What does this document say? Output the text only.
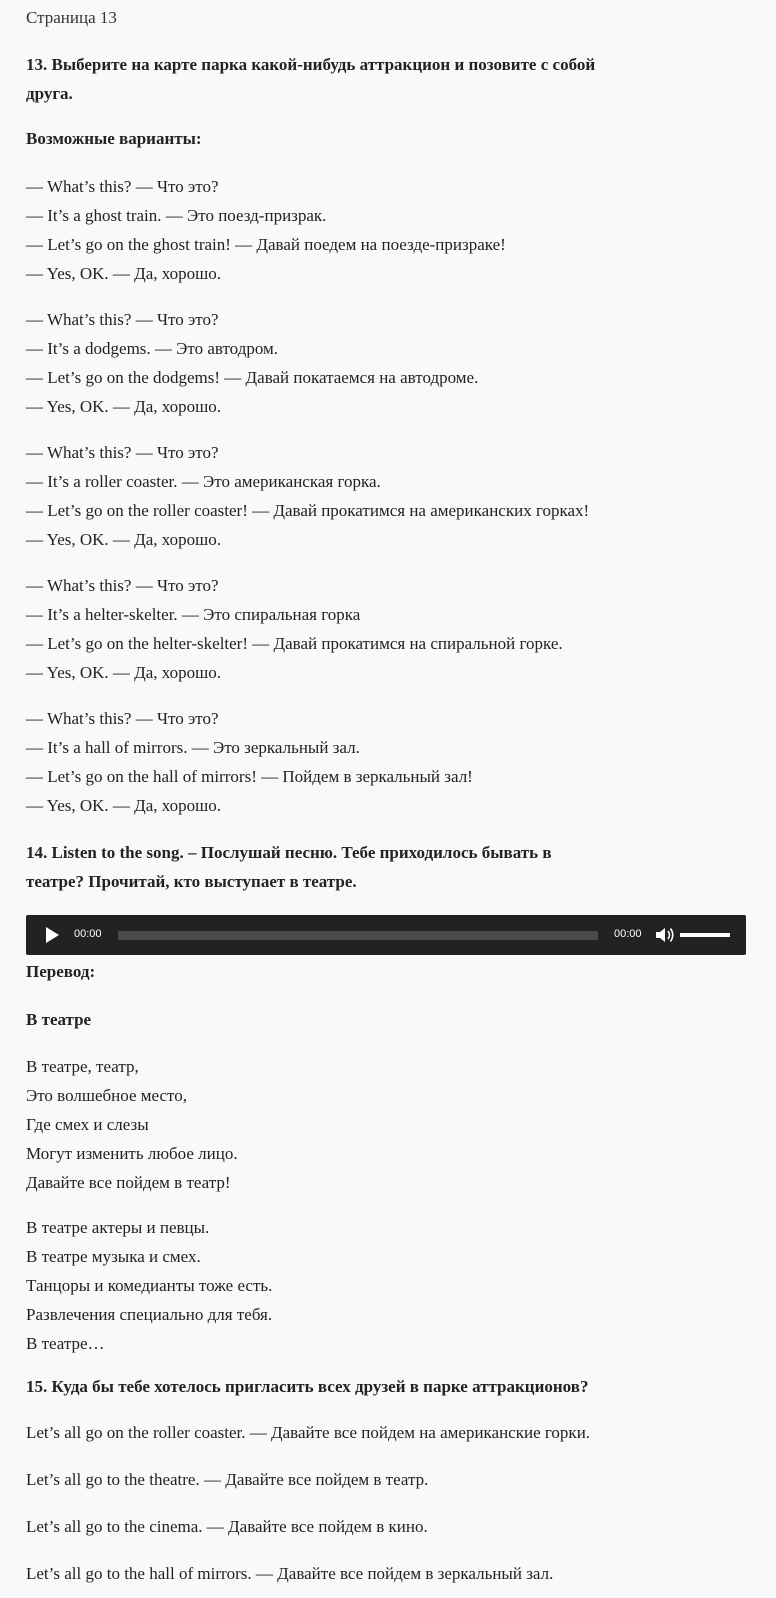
Страница 13
13. Выберите на карте парка какой-нибудь аттракцион и позовите с собой
друга.
Возможные варианты:
— What’s this? — Что это?
— It’s a ghost train. — Это поезд-призрак.
— Let’s go on the ghost train! — Давай поедем на поезде-призраке!
— Yes, OK. — Да, хорошо.
— What’s this? — Что это?
— It’s a dodgems. — Это автодром.
— Let’s go on the dodgems! — Давай покатаемся на автодроме.
— Yes, OK. — Да, хорошо.
— What’s this? — Что это?
— It’s a roller coaster. — Это американская горка.
— Let’s go on the roller coaster! — Давай прокатимся на американских горках!
— Yes, OK. — Да, хорошо.
— What’s this? — Что это?
— It’s a helter-skelter. — Это спиральная горка
— Let’s go on the helter-skelter! — Давай прокатимся на спиральной горке.
— Yes, OK. — Да, хорошо.
— What’s this? — Что это?
— It’s a hall of mirrors. — Это зеркальный зал.
— Let’s go on the hall of mirrors! — Пойдем в зеркальный зал!
— Yes, OK. — Да, хорошо.
14. Listen to the song. – Послушай песню. Тебе приходилось бывать в
театре? Прочитай, кто выступает в театре.
00:00	00:00
Перевод:
В театре
В театре, театр,
Это волшебное место,
Где смех и слезы
Могут изменить любое лицо.
Давайте все пойдем в театр!
В театре актеры и певцы.
В театре музыка и смех.
Танцоры и комедианты тоже есть.
Развлечения специально для тебя.
В театре…
15. Куда бы тебе хотелось пригласить всех друзей в парке аттракционов?
Let’s all go on the roller coaster. — Давайте все пойдем на американские горки.
Let’s all go to the theatre. — Давайте все пойдем в театр.
Let’s all go to the cinema. — Давайте все пойдем в кино.
Let’s all go to the hall of mirrors. — Давайте все пойдем в зеркальный зал.
